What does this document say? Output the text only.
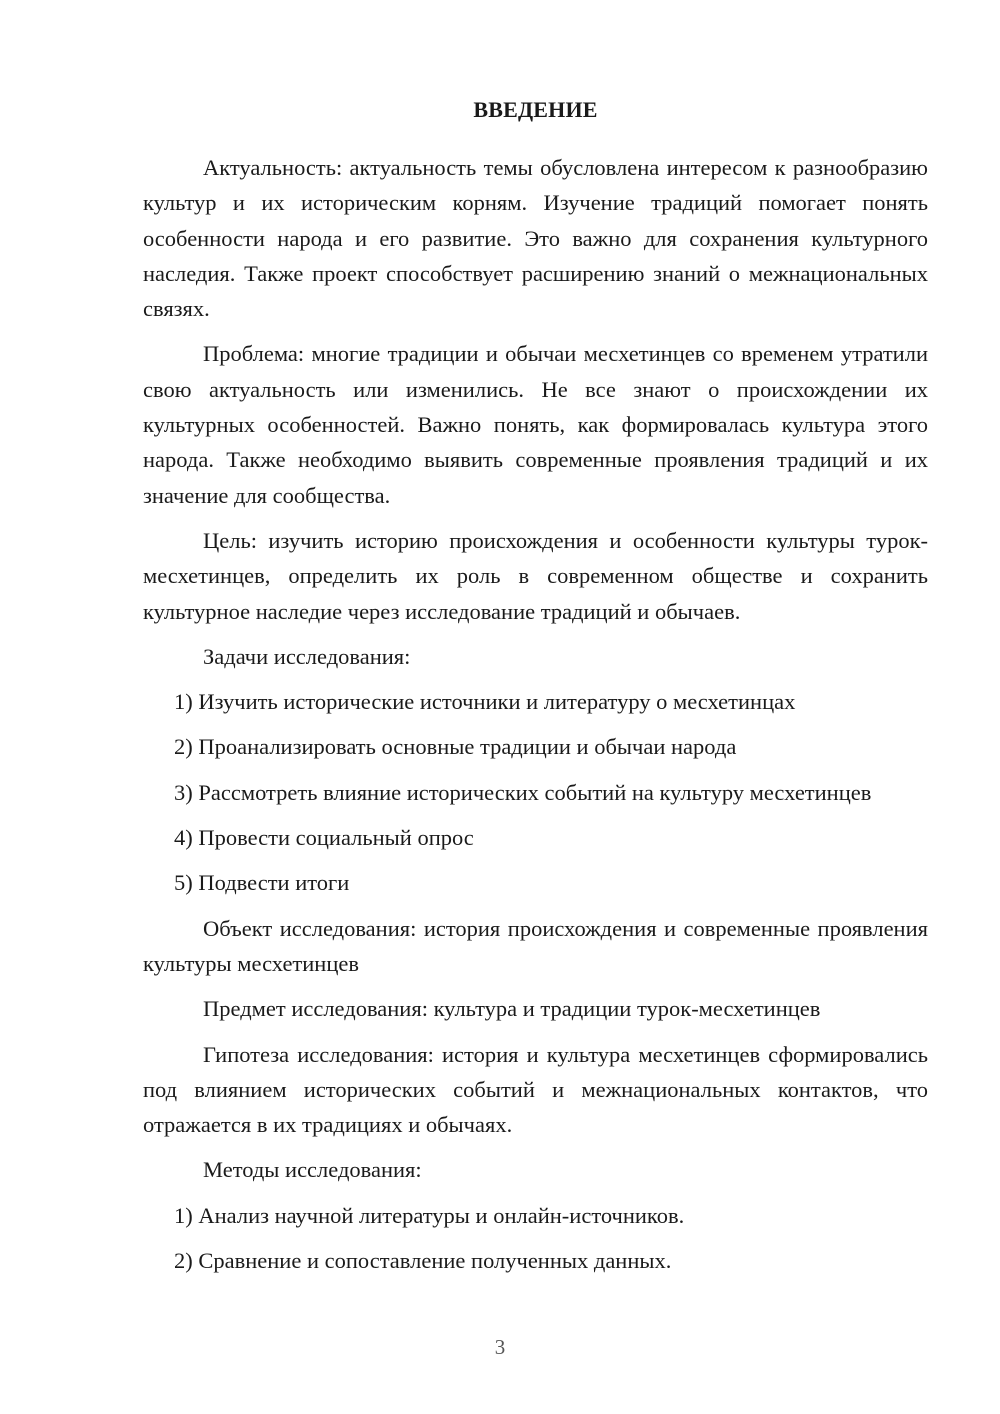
ВВЕДЕНИЕ

Актуальность: актуальность темы обусловлена интересом к разнообразию культур и их историческим корням. Изучение традиций помогает понять особенности народа и его развитие. Это важно для сохранения культурного наследия. Также проект способствует расширению знаний о межнациональных связях.

Проблема: многие традиции и обычаи месхетинцев со временем утратили свою актуальность или изменились. Не все знают о происхождении их культурных особенностей. Важно понять, как формировалась культура этого народа. Также необходимо выявить современные проявления традиций и их значение для сообщества.

Цель: изучить историю происхождения и особенности культуры турок-месхетинцев, определить их роль в современном обществе и сохранить культурное наследие через исследование традиций и обычаев.

Задачи исследования:

1) Изучить исторические источники и литературу о месхетинцах

2) Проанализировать основные традиции и обычаи народа

3) Рассмотреть влияние исторических событий на культуру месхетинцев

4) Провести социальный опрос

5) Подвести итоги

Объект исследования: история происхождения и современные проявления культуры месхетинцев

Предмет исследования: культура и традиции турок-месхетинцев

Гипотеза исследования: история и культура месхетинцев сформировались под влиянием исторических событий и межнациональных контактов, что отражается в их традициях и обычаях.

Методы исследования:

1) Анализ научной литературы и онлайн-источников.

2) Сравнение и сопоставление полученных данных.

3
